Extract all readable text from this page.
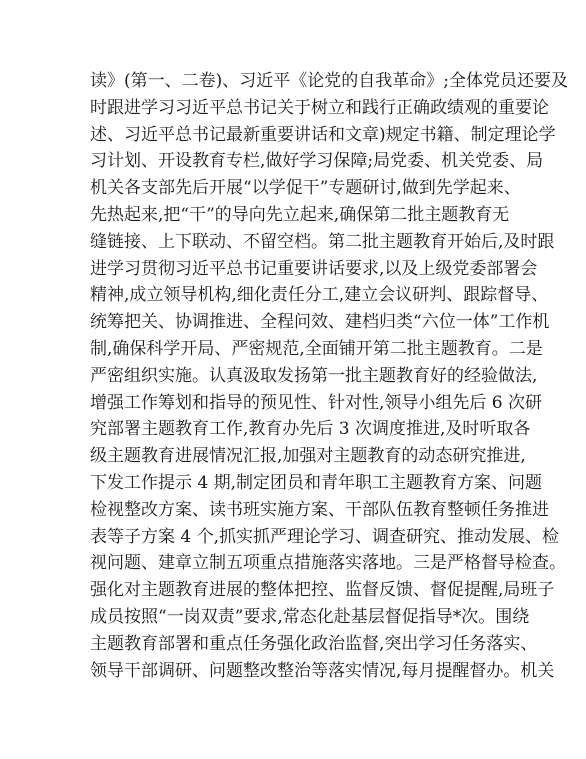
读》(第一、二卷)、习近平《论党的自我革命》;全体党员还要及
时跟进学习习近平总书记关于树立和践行正确政绩观的重要论
述、习近平总书记最新重要讲话和文章)规定书籍、制定理论学
习计划、开设教育专栏,做好学习保障;局党委、机关党委、局
机关各支部先后开展“以学促干”专题研讨,做到先学起来、
先热起来,把“干”的导向先立起来,确保第二批主题教育无
缝链接、上下联动、不留空档。第二批主题教育开始后,及时跟
进学习贯彻习近平总书记重要讲话要求,以及上级党委部署会
精神,成立领导机构,细化责任分工,建立会议研判、跟踪督导、
统筹把关、协调推进、全程问效、建档归类“六位一体”工作机
制,确保科学开局、严密规范,全面铺开第二批主题教育。二是
严密组织实施。认真汲取发扬第一批主题教育好的经验做法,
增强工作筹划和指导的预见性、针对性,领导小组先后 6 次研
究部署主题教育工作,教育办先后 3 次调度推进,及时听取各
级主题教育进展情况汇报,加强对主题教育的动态研究推进,
下发工作提示 4 期,制定团员和青年职工主题教育方案、问题
检视整改方案、读书班实施方案、干部队伍教育整顿任务推进
表等子方案 4 个,抓实抓严理论学习、调查研究、推动发展、检
视问题、建章立制五项重点措施落实落地。三是严格督导检查。
强化对主题教育进展的整体把控、监督反馈、督促提醒,局班子
成员按照“一岗双责”要求,常态化赴基层督促指导*次。围绕
主题教育部署和重点任务强化政治监督,突出学习任务落实、
领导干部调研、问题整改整治等落实情况,每月提醒督办。机关
